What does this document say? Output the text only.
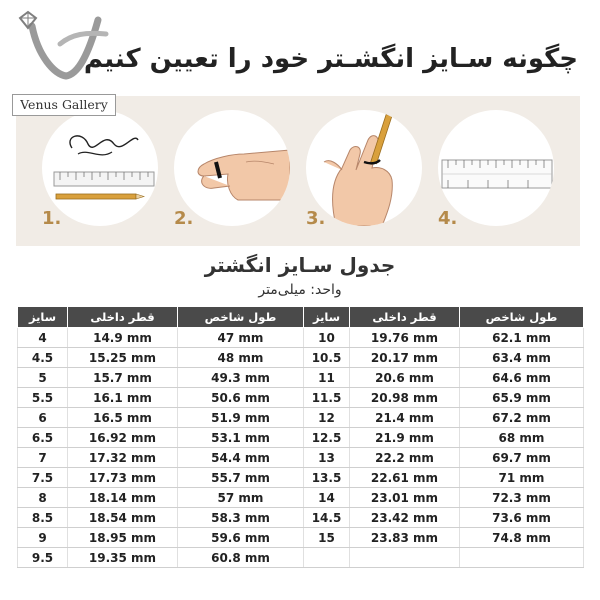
چگونه سـایز انگشـتر خود را تعیین کنیم
1.	2.	3.	4.
Venus Gallery
جدول سـایز انگشتر
واحد: میلی‌متر
سایز	قطر داخلی	طول شاخص	سایز	قطر داخلی	طول شاخص
4	14.9 mm	47 mm	10	19.76 mm	62.1 mm
4.5	15.25 mm	48 mm	10.5	20.17 mm	63.4 mm
5	15.7 mm	49.3 mm	11	20.6 mm	64.6 mm
5.5	16.1 mm	50.6 mm	11.5	20.98 mm	65.9 mm
6	16.5 mm	51.9 mm	12	21.4 mm	67.2 mm
6.5	16.92 mm	53.1 mm	12.5	21.9 mm	68 mm
7	17.32 mm	54.4 mm	13	22.2 mm	69.7 mm
7.5	17.73 mm	55.7 mm	13.5	22.61 mm	71 mm
8	18.14 mm	57 mm	14	23.01 mm	72.3 mm
8.5	18.54 mm	58.3 mm	14.5	23.42 mm	73.6 mm
9	18.95 mm	59.6 mm	15	23.83 mm	74.8 mm
9.5	19.35 mm	60.8 mm			
